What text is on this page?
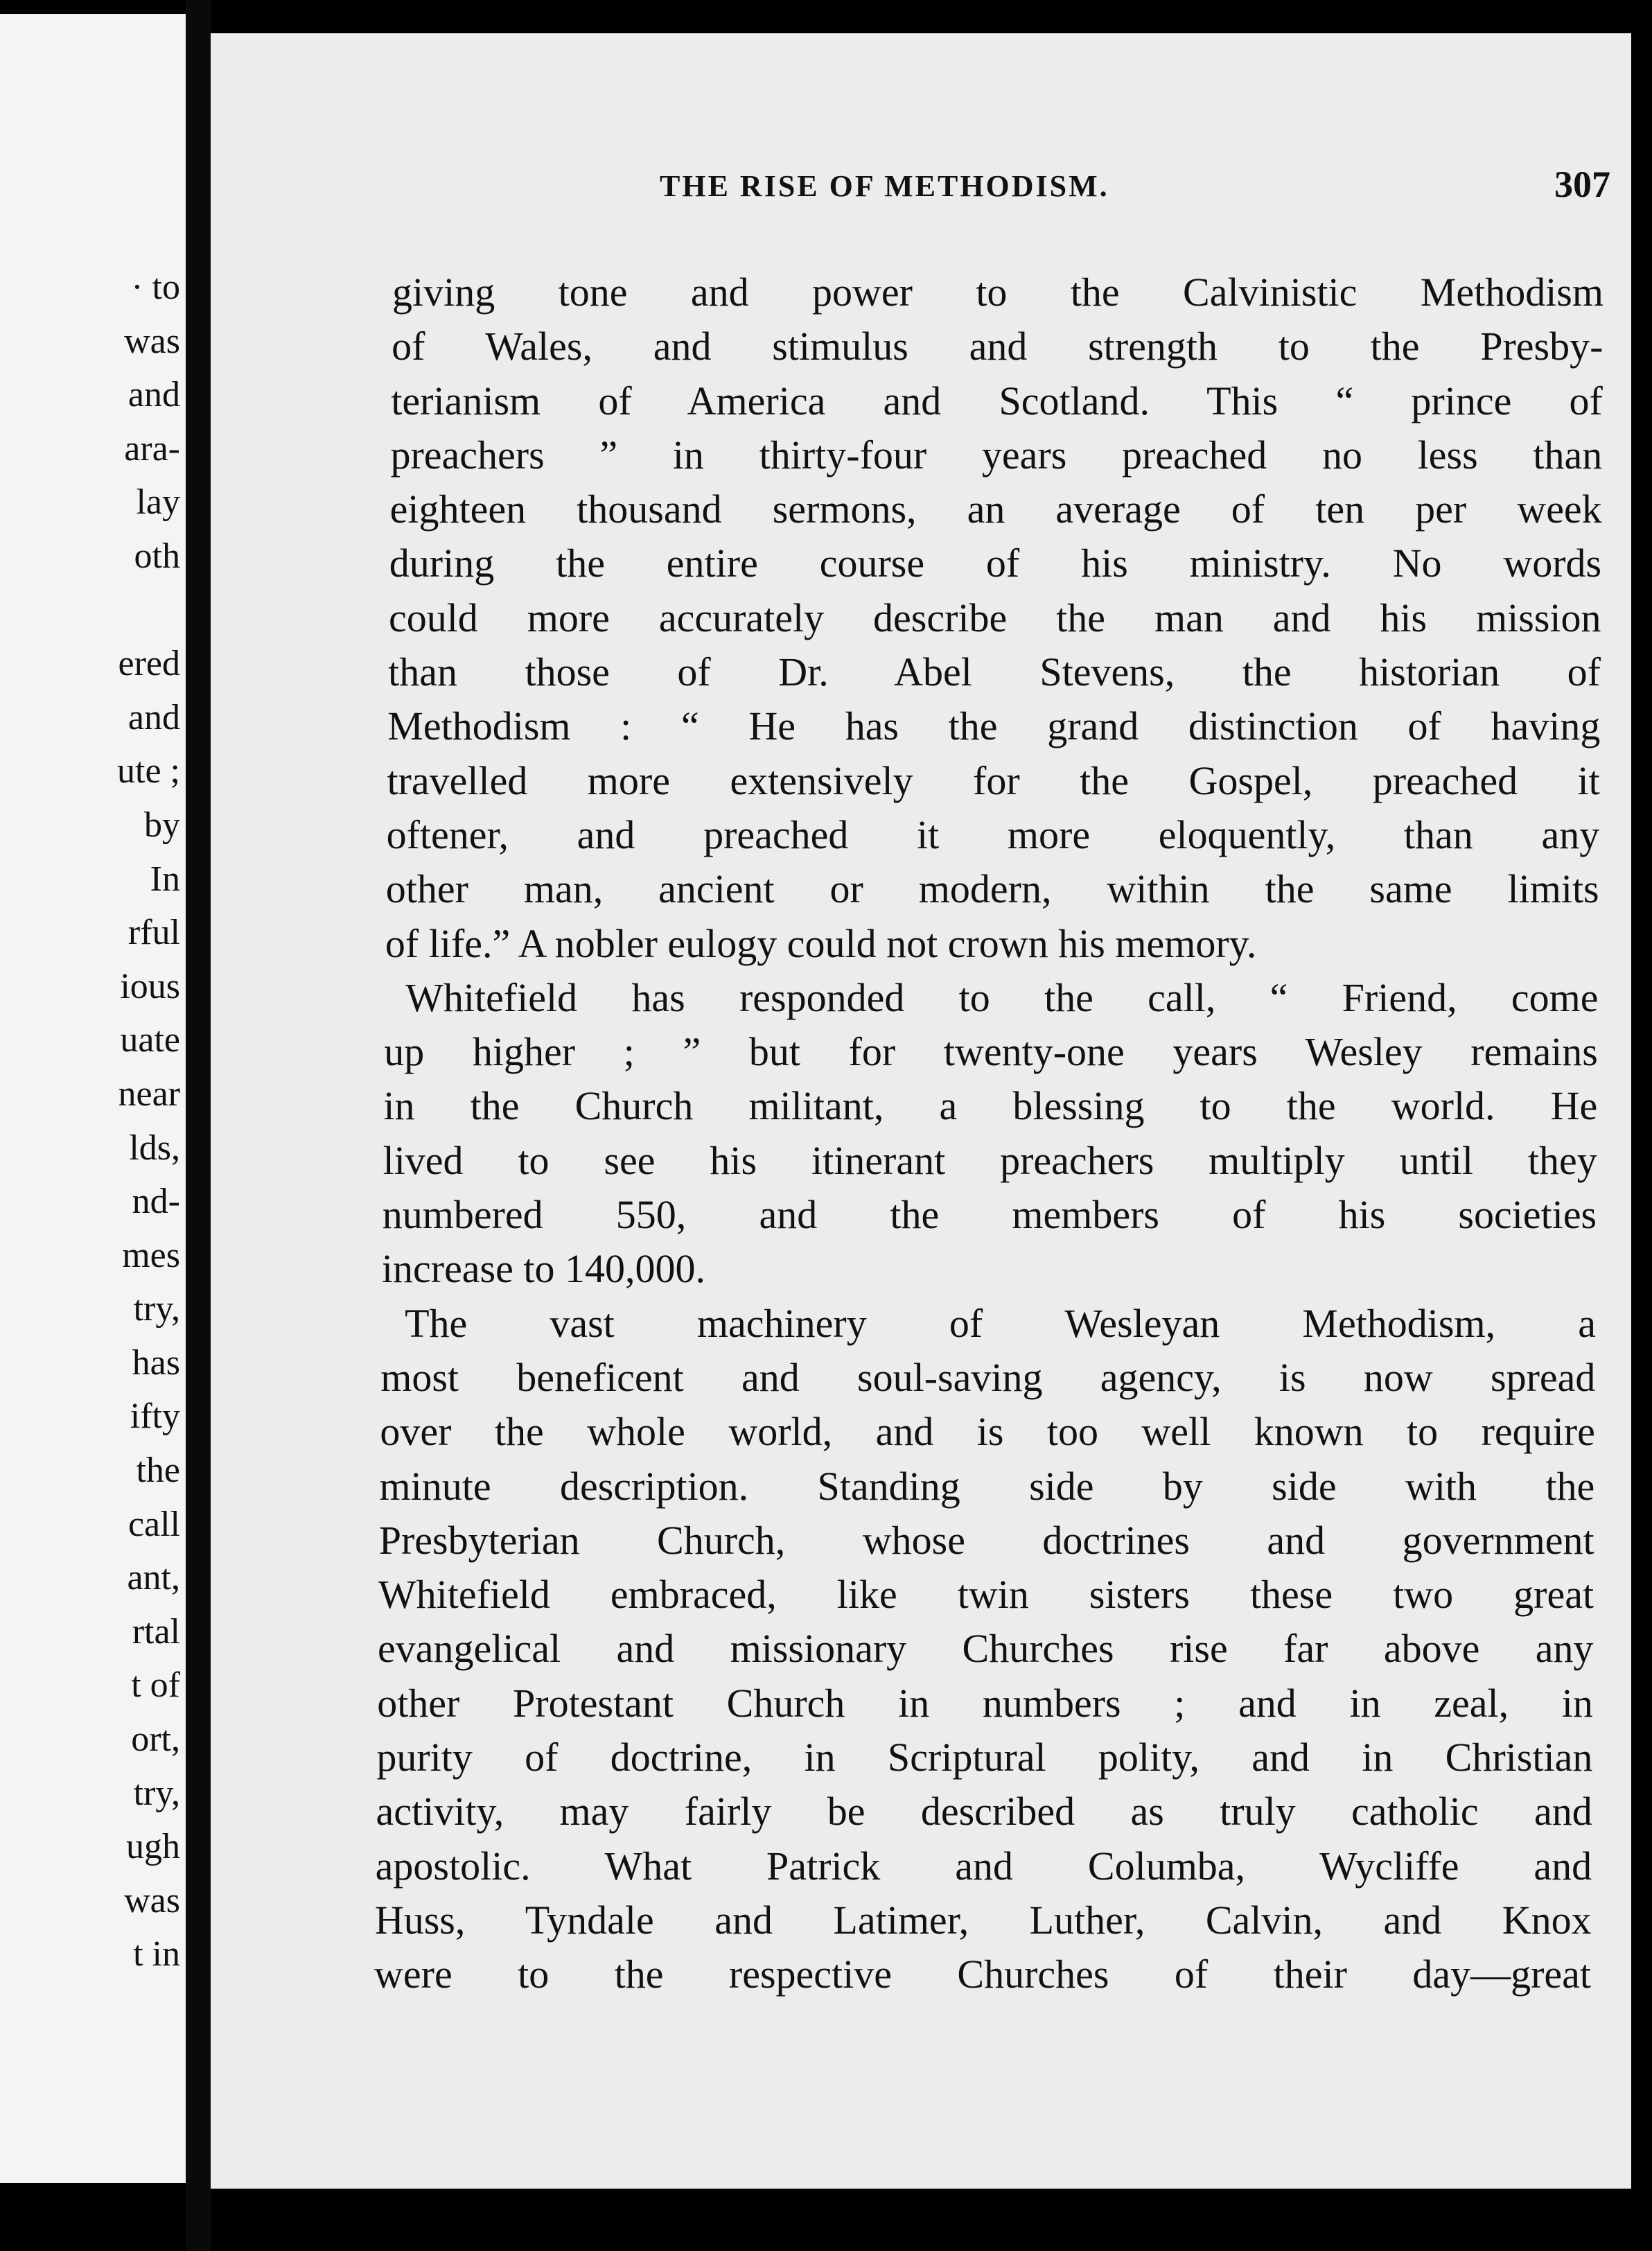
· to
was
and
ara-
lay
oth
ered
and
ute ;
by
In
rful
ious
uate
near
lds,
nd-
mes
try,
has
ifty
the
call
ant,
rtal
t of
ort,
try,
ugh
was
t in
THE RISE OF METHODISM.	307
giving tone and power to the Calvinistic Methodism
of Wales, and stimulus and strength to the Presby-
terianism of America and Scotland. This “ prince of
preachers ” in thirty-four years preached no less than
eighteen thousand sermons, an average of ten per week
during the entire course of his ministry. No words
could more accurately describe the man and his mission
than those of Dr. Abel Stevens, the historian of
Methodism : “ He has the grand distinction of having
travelled more extensively for the Gospel, preached it
oftener, and preached it more eloquently, than any
other man, ancient or modern, within the same limits
of life.” A nobler eulogy could not crown his memory.
Whitefield has responded to the call, “ Friend, come
up higher ; ” but for twenty-one years Wesley remains
in the Church militant, a blessing to the world. He
lived to see his itinerant preachers multiply until they
numbered 550, and the members of his societies
increase to 140,000.
The vast machinery of Wesleyan Methodism, a
most beneficent and soul-saving agency, is now spread
over the whole world, and is too well known to require
minute description. Standing side by side with the
Presbyterian Church, whose doctrines and government
Whitefield embraced, like twin sisters these two great
evangelical and missionary Churches rise far above any
other Protestant Church in numbers ; and in zeal, in
purity of doctrine, in Scriptural polity, and in Christian
activity, may fairly be described as truly catholic and
apostolic. What Patrick and Columba, Wycliffe and
Huss, Tyndale and Latimer, Luther, Calvin, and Knox
were to the respective Churches of their day—great
